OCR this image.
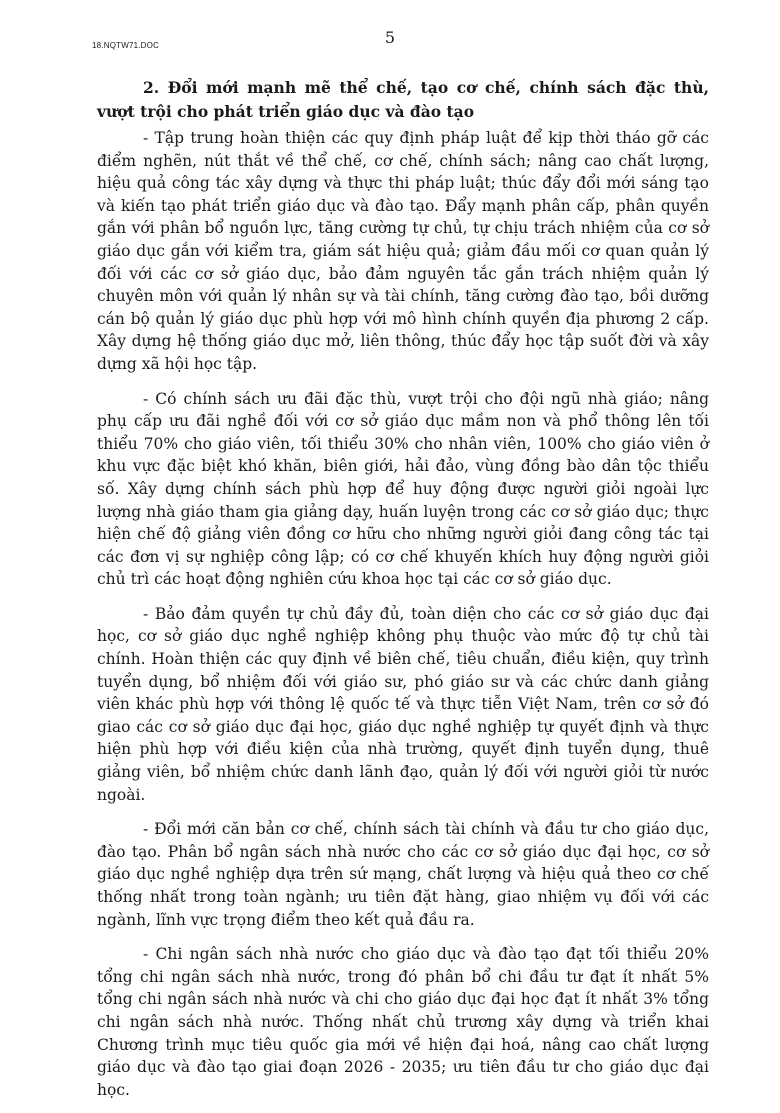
18.NQTW71.DOC	5
2. Đổi mới mạnh mẽ thể chế, tạo cơ chế, chính sách đặc thù, vượt trội cho phát triển giáo dục và đào tạo

- Tập trung hoàn thiện các quy định pháp luật để kịp thời tháo gỡ các điểm nghẽn, nút thắt về thể chế, cơ chế, chính sách; nâng cao chất lượng, hiệu quả công tác xây dựng và thực thi pháp luật; thúc đẩy đổi mới sáng tạo và kiến tạo phát triển giáo dục và đào tạo. Đẩy mạnh phân cấp, phân quyền gắn với phân bổ nguồn lực, tăng cường tự chủ, tự chịu trách nhiệm của cơ sở giáo dục gắn với kiểm tra, giám sát hiệu quả; giảm đầu mối cơ quan quản lý đối với các cơ sở giáo dục, bảo đảm nguyên tắc gắn trách nhiệm quản lý chuyên môn với quản lý nhân sự và tài chính, tăng cường đào tạo, bồi dưỡng cán bộ quản lý giáo dục phù hợp với mô hình chính quyền địa phương 2 cấp. Xây dựng hệ thống giáo dục mở, liên thông, thúc đẩy học tập suốt đời và xây dựng xã hội học tập.

- Có chính sách ưu đãi đặc thù, vượt trội cho đội ngũ nhà giáo; nâng phụ cấp ưu đãi nghề đối với cơ sở giáo dục mầm non và phổ thông lên tối thiểu 70% cho giáo viên, tối thiểu 30% cho nhân viên, 100% cho giáo viên ở khu vực đặc biệt khó khăn, biên giới, hải đảo, vùng đồng bào dân tộc thiểu số. Xây dựng chính sách phù hợp để huy động được người giỏi ngoài lực lượng nhà giáo tham gia giảng dạy, huấn luyện trong các cơ sở giáo dục; thực hiện chế độ giảng viên đồng cơ hữu cho những người giỏi đang công tác tại các đơn vị sự nghiệp công lập; có cơ chế khuyến khích huy động người giỏi chủ trì các hoạt động nghiên cứu khoa học tại các cơ sở giáo dục.

- Bảo đảm quyền tự chủ đầy đủ, toàn diện cho các cơ sở giáo dục đại học, cơ sở giáo dục nghề nghiệp không phụ thuộc vào mức độ tự chủ tài chính. Hoàn thiện các quy định về biên chế, tiêu chuẩn, điều kiện, quy trình tuyển dụng, bổ nhiệm đối với giáo sư, phó giáo sư và các chức danh giảng viên khác phù hợp với thông lệ quốc tế và thực tiễn Việt Nam, trên cơ sở đó giao các cơ sở giáo dục đại học, giáo dục nghề nghiệp tự quyết định và thực hiện phù hợp với điều kiện của nhà trường, quyết định tuyển dụng, thuê giảng viên, bổ nhiệm chức danh lãnh đạo, quản lý đối với người giỏi từ nước ngoài.

- Đổi mới căn bản cơ chế, chính sách tài chính và đầu tư cho giáo dục, đào tạo. Phân bổ ngân sách nhà nước cho các cơ sở giáo dục đại học, cơ sở giáo dục nghề nghiệp dựa trên sứ mạng, chất lượng và hiệu quả theo cơ chế thống nhất trong toàn ngành; ưu tiên đặt hàng, giao nhiệm vụ đối với các ngành, lĩnh vực trọng điểm theo kết quả đầu ra.

- Chi ngân sách nhà nước cho giáo dục và đào tạo đạt tối thiểu 20% tổng chi ngân sách nhà nước, trong đó phân bổ chi đầu tư đạt ít nhất 5% tổng chi ngân sách nhà nước và chi cho giáo dục đại học đạt ít nhất 3% tổng chi ngân sách nhà nước. Thống nhất chủ trương xây dựng và triển khai Chương trình mục tiêu quốc gia mới về hiện đại hoá, nâng cao chất lượng giáo dục và đào tạo giai đoạn 2026 - 2035; ưu tiên đầu tư cho giáo dục đại học.
